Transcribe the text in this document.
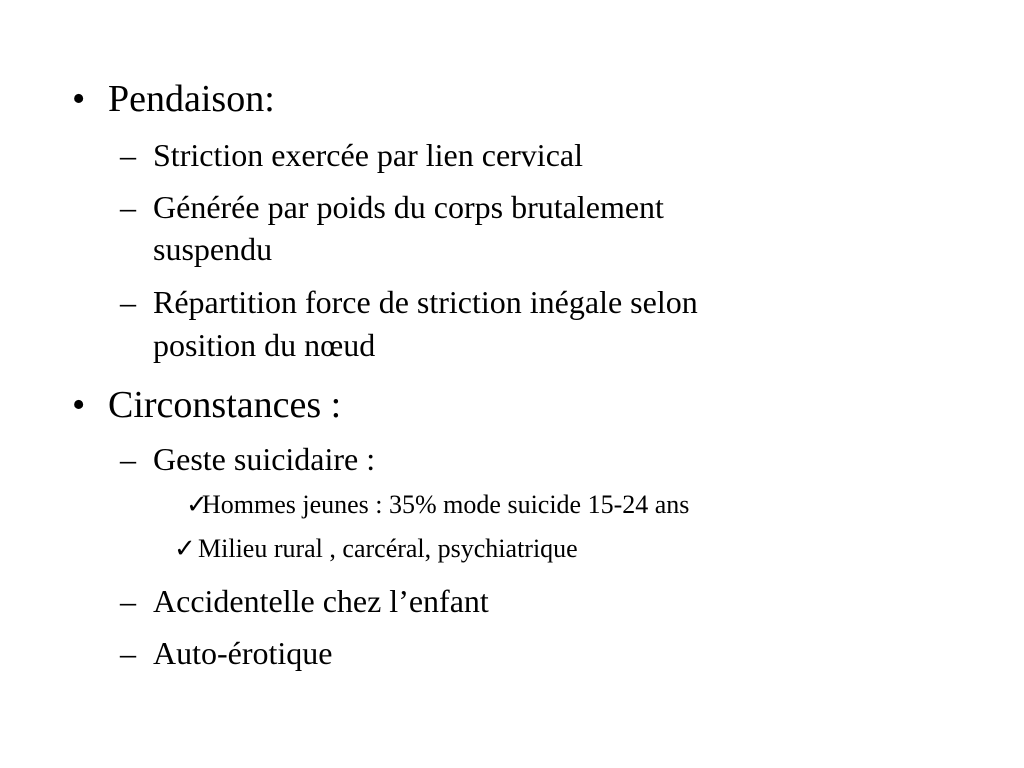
• Pendaison:
– Striction exercée par lien cervical
– Générée par poids du corps brutalement
suspendu
– Répartition force de striction inégale selon
position du nœud
• Circonstances :
– Geste suicidaire :
✓
Hommes jeunes : 35% mode suicide 15-24 ans
✓ Milieu rural , carcéral, psychiatrique
– Accidentelle chez l’enfant
– Auto-érotique
